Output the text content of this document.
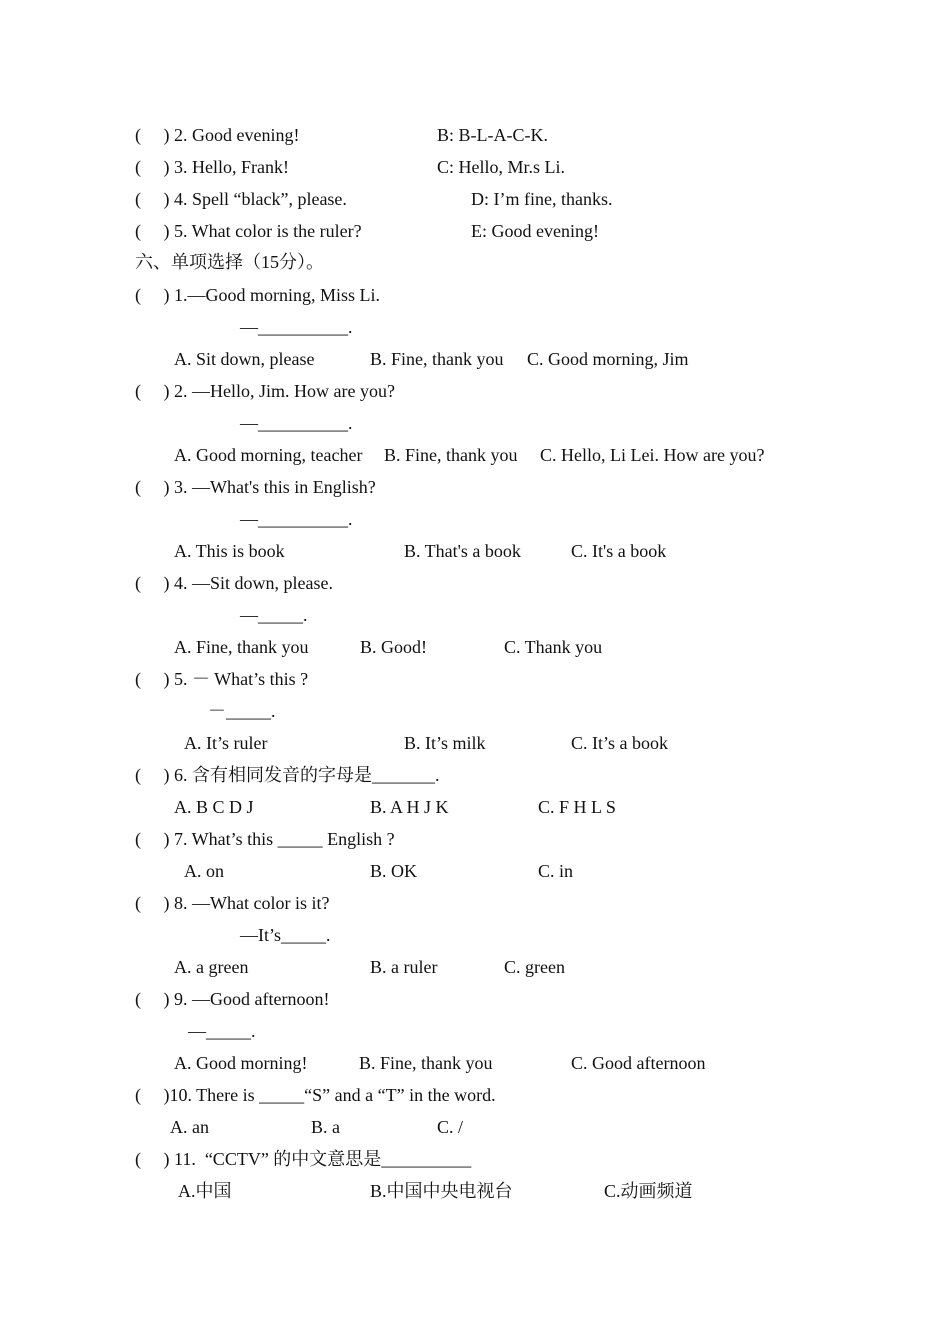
(     ) 2. Good evening!	B: B-L-A-C-K.
(     ) 3. Hello, Frank!	C: Hello, Mr.s Li.
(     ) 4. Spell “black”, please.	D: I’m fine, thanks.
(     ) 5. What color is the ruler?	E: Good evening!
六、单项选择（15分）。
(     ) 1.—Good morning, Miss Li.
—__________.
A. Sit down, please	B. Fine, thank you C. Good morning, Jim
(     ) 2. —Hello, Jim. How are you?
—__________.
A. Good morning, teacher B. Fine, thank you C. Hello, Li Lei. How are you?
(     ) 3. —What's this in English?
—__________.
A. This is book	B. That's a book	C. It's a book
(     ) 4. —Sit down, please.
—_____.
A. Fine, thank you	B. Good!	C. Thank you
(     ) 5. － What’s this ?
－_____.
A. It’s ruler	B. It’s milk	C. It’s a book
(     ) 6. 含有相同发音的字母是_______.
A. B C D J	B. A H J K	C. F H L S
(     ) 7. What’s this _____ English ?
A. on	B. OK	C. in
(     ) 8. —What color is it?
—It’s_____.
A. a green	B. a ruler	C. green
(     ) 9. —Good afternoon!
—_____.
A. Good morning!	B. Fine, thank you	C. Good afternoon
(     )10. There is _____“S” and a “T” in the word.
A. an	B. a	C. /
(     ) 11.  “CCTV” 的中文意思是__________
A.中国	B.中国中央电视台	C.动画频道
